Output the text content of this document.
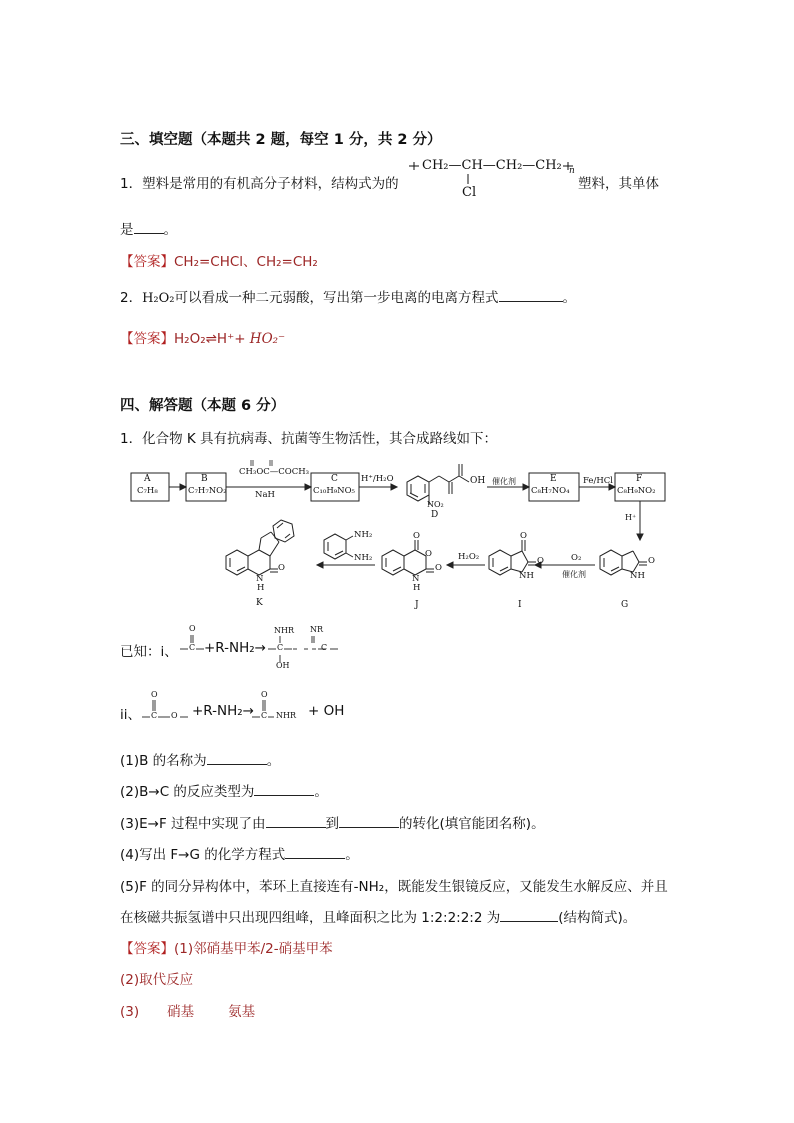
三、填空题（本题共 2 题，每空 1 分，共 2 分）
1．塑料是常用的有机高分子材料，结构式为的
CH₂—CH—CH₂—CH₂ n
Cl
塑料，其单体
是 。
【答案】CH₂=CHCl、CH₂=CH₂
2．H₂O₂可以看成一种二元弱酸，写出第一步电离的电离方程式	。
【答案】H₂O₂⇌H⁺+ HO₂⁻
四、解答题（本题 6 分）
1．化合物 K 具有抗病毒、抗菌等生物活性，其合成路线如下：
A
C₇H₈
B
C₇H₇NO₂
CH₃OC—COCH₃
NaH
C
C₁₀H₉NO₅
H⁺/H₂O	OH
NO₂
D
催化剂	E
C₈H₇NO₄
Fe/HCl	F
C₈H₉NO₂
H⁺
O
NH
G
O₂
催化剂
O
O
NH
I
H₂O₂
O
O
O
N
H
J
NH₂
NH₂
O
N
H
K
已知：i、
O
C +R-NH₂→
NHR
C
OH
NR
C
ii、
O
C O +R-NH₂→
O
C NHR + OH
(1)B 的名称为	。
(2)B→C 的反应类型为	。
(3)E→F 过程中实现了由	到	的转化(填官能团名称)。
(4)写出 F→G 的化学方程式	。
(5)F 的同分异构体中，苯环上直接连有-NH₂，既能发生银镜反应，又能发生水解反应、并且
在核磁共振氢谱中只出现四组峰，且峰面积之比为 1:2:2:2:2 为	(结构简式)。
【答案】(1)邻硝基甲苯/2-硝基甲苯
(2)取代反应
(3) 硝基	氨基
